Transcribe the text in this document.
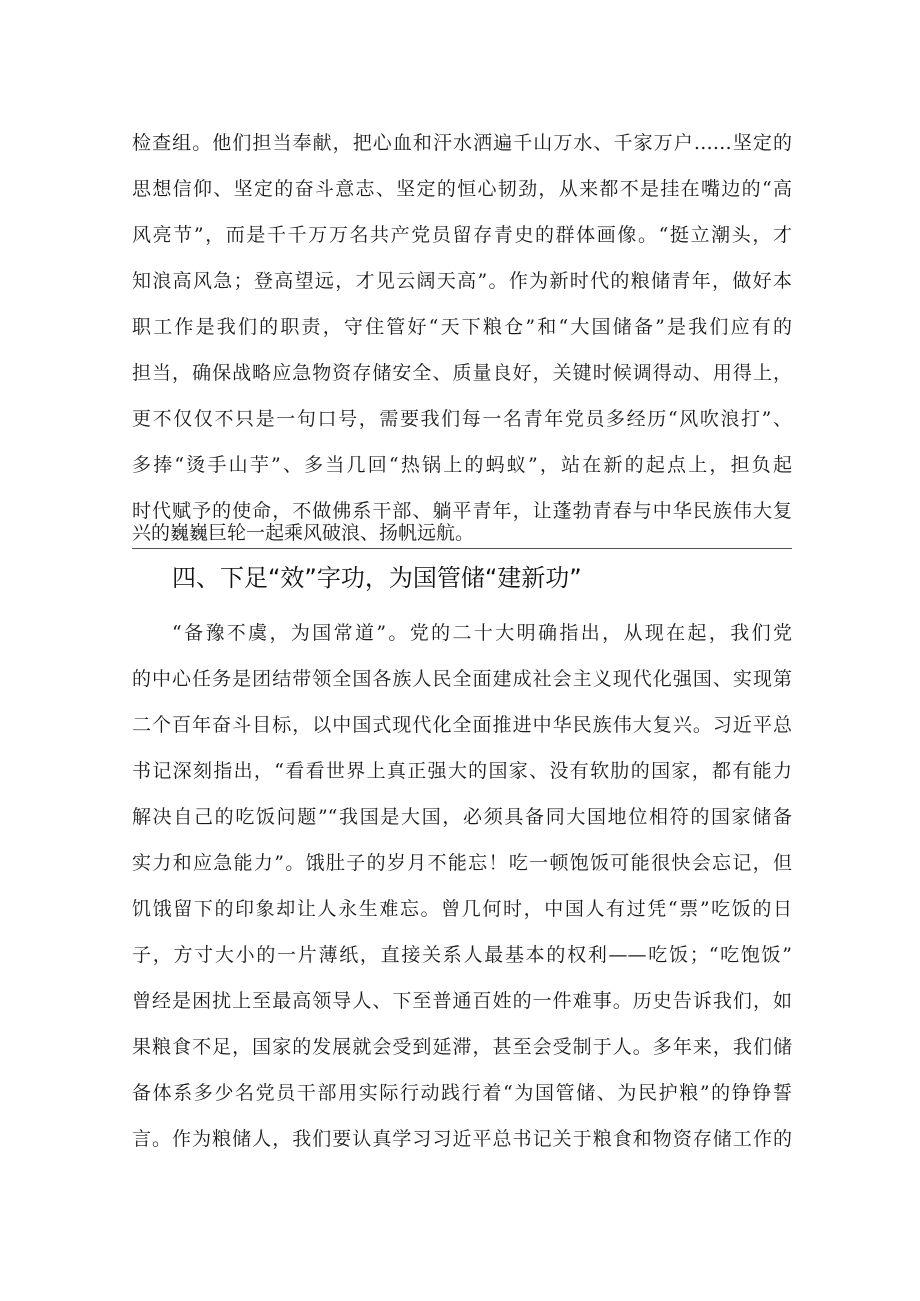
检查组。他们担当奉献，把心血和汗水洒遍千山万水、千家万户……坚定的
思想信仰、坚定的奋斗意志、坚定的恒心韧劲，从来都不是挂在嘴边的“高
风亮节”，而是千千万万名共产党员留存青史的群体画像。“挺立潮头，才
知浪高风急；登高望远，才见云阔天高”。作为新时代的粮储青年，做好本
职工作是我们的职责，守住管好“天下粮仓”和“大国储备”是我们应有的
担当，确保战略应急物资存储安全、质量良好，关键时候调得动、用得上，
更不仅仅不只是一句口号，需要我们每一名青年党员多经历“风吹浪打”、
多捧“烫手山芋”、多当几回“热锅上的蚂蚁”，站在新的起点上，担负起
时代赋予的使命，不做佛系干部、躺平青年，让蓬勃青春与中华民族伟大复
兴的巍巍巨轮一起乘风破浪、扬帆远航。
四、下足“效”字功，为国管储“建新功”
“备豫不虞，为国常道”。党的二十大明确指出，从现在起，我们党
的中心任务是团结带领全国各族人民全面建成社会主义现代化强国、实现第
二个百年奋斗目标，以中国式现代化全面推进中华民族伟大复兴。习近平总
书记深刻指出，“看看世界上真正强大的国家、没有软肋的国家，都有能力
解决自己的吃饭问题”“我国是大国，必须具备同大国地位相符的国家储备
实力和应急能力”。饿肚子的岁月不能忘！吃一顿饱饭可能很快会忘记，但
饥饿留下的印象却让人永生难忘。曾几何时，中国人有过凭“票”吃饭的日
子，方寸大小的一片薄纸，直接关系人最基本的权利——吃饭；“吃饱饭”
曾经是困扰上至最高领导人、下至普通百姓的一件难事。历史告诉我们，如
果粮食不足，国家的发展就会受到延滞，甚至会受制于人。多年来，我们储
备体系多少名党员干部用实际行动践行着“为国管储、为民护粮”的铮铮誓
言。作为粮储人，我们要认真学习习近平总书记关于粮食和物资存储工作的
